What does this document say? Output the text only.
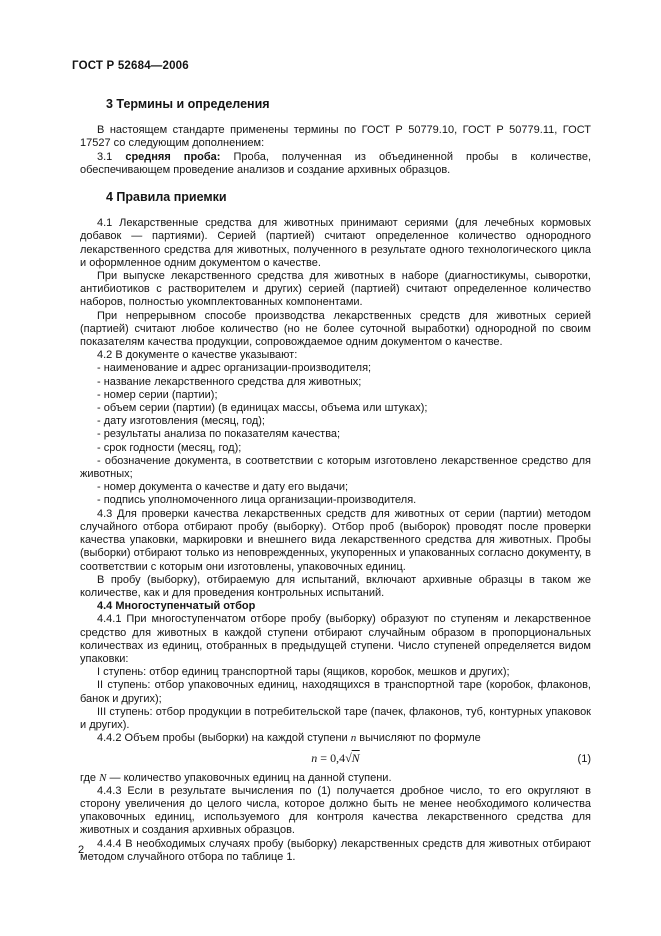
ГОСТ Р 52684—2006
3 Термины и определения

В настоящем стандарте применены термины по ГОСТ Р 50779.10, ГОСТ Р 50779.11, ГОСТ 17527 со следующим дополнением:

3.1 средняя проба: Проба, полученная из объединенной пробы в количестве, обеспечивающем проведение анализов и создание архивных образцов.

4 Правила приемки

4.1 Лекарственные средства для животных принимают сериями (для лечебных кормовых добавок — партиями). Серией (партией) считают определенное количество однородного лекарственного средства для животных, полученного в результате одного технологического цикла и оформленное одним документом о качестве.

При выпуске лекарственного средства для животных в наборе (диагностикумы, сыворотки, антибиотиков с растворителем и других) серией (партией) считают определенное количество наборов, полностью укомплектованных компонентами.

При непрерывном способе производства лекарственных средств для животных серией (партией) считают любое количество (но не более суточной выработки) однородной по своим показателям качества продукции, сопровождаемое одним документом о качестве.

4.2 В документе о качестве указывают:

- наименование и адрес организации-производителя;
- название лекарственного средства для животных;
- номер серии (партии);
- объем серии (партии) (в единицах массы, объема или штуках);
- дату изготовления (месяц, год);
- результаты анализа по показателям качества;
- срок годности (месяц, год);
- обозначение документа, в соответствии с которым изготовлено лекарственное средство для животных;
- номер документа о качестве и дату его выдачи;
- подпись уполномоченного лица организации-производителя.

4.3 Для проверки качества лекарственных средств для животных от серии (партии) методом случайного отбора отбирают пробу (выборку). Отбор проб (выборок) проводят после проверки качества упаковки, маркировки и внешнего вида лекарственного средства для животных. Пробы (выборки) отбирают только из неповрежденных, укупоренных и упакованных согласно документу, в соответствии с которым они изготовлены, упаковочных единиц.

В пробу (выборку), отбираемую для испытаний, включают архивные образцы в таком же количестве, как и для проведения контрольных испытаний.

4.4 Многоступенчатый отбор

4.4.1 При многоступенчатом отборе пробу (выборку) образуют по ступеням и лекарственное средство для животных в каждой ступени отбирают случайным образом в пропорциональных количествах из единиц, отобранных в предыдущей ступени. Число ступеней определяется видом упаковки:

I ступень: отбор единиц транспортной тары (ящиков, коробок, мешков и других);

II ступень: отбор упаковочных единиц, находящихся в транспортной таре (коробок, флаконов, банок и других);

III ступень: отбор продукции в потребительской таре (пачек, флаконов, туб, контурных упаковок и других).

4.4.2 Объем пробы (выборки) на каждой ступени n вычисляют по формуле

n = 0,4√N	(1)

где N — количество упаковочных единиц на данной ступени.

4.4.3 Если в результате вычисления по (1) получается дробное число, то его округляют в сторону увеличения до целого числа, которое должно быть не менее необходимого количества упаковочных единиц, используемого для контроля качества лекарственного средства для животных и создания архивных образцов.

4.4.4 В необходимых случаях пробу (выборку) лекарственных средств для животных отбирают методом случайного отбора по таблице 1.

2
